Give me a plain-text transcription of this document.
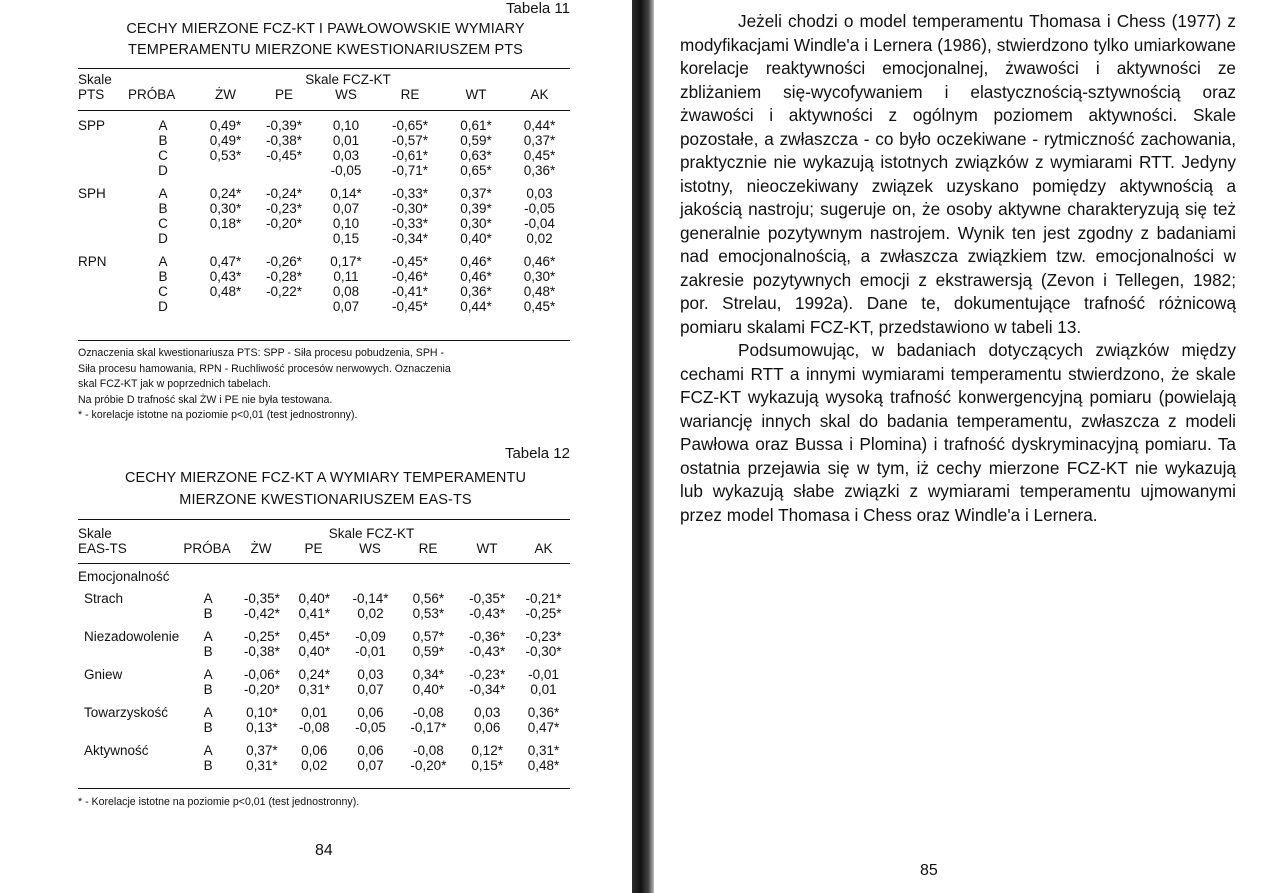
Tabela 11
CECHY MIERZONE FCZ-KT I PAWŁOWOWSKIE WYMIARY
TEMPERAMENTU MIERZONE KWESTIONARIUSZEM PTS
Skale			Skale FCZ-KT				
PTS	PRÓBA	ŻW	PE	WS	RE	WT	AK
SPP	A	0,49*	-0,39*	0,10	-0,65*	0,61*	0,44*
	B	0,49*	-0,38*	0,01	-0,57*	0,59*	0,37*
	C	0,53*	-0,45*	0,03	-0,61*	0,63*	0,45*
	D			-0,05	-0,71*	0,65*	0,36*
SPH	A	0,24*	-0,24*	0,14*	-0,33*	0,37*	0,03
	B	0,30*	-0,23*	0,07	-0,30*	0,39*	-0,05
	C	0,18*	-0,20*	0,10	-0,33*	0,30*	-0,04
	D			0,15	-0,34*	0,40*	0,02
RPN	A	0,47*	-0,26*	0,17*	-0,45*	0,46*	0,46*
	B	0,43*	-0,28*	0,11	-0,46*	0,46*	0,30*
	C	0,48*	-0,22*	0,08	-0,41*	0,36*	0,48*
	D			0,07	-0,45*	0,44*	0,45*
Oznaczenia skal kwestionariusza PTS: SPP - Siła procesu pobudzenia, SPH -
Siła procesu hamowania, RPN - Ruchliwość procesów nerwowych. Oznaczenia
skal FCZ-KT jak w poprzednich tabelach.
Na próbie D trafność skal ŻW i PE nie była testowana.
* - korelacje istotne na poziomie p<0,01 (test jednostronny).
Tabela 12
CECHY MIERZONE FCZ-KT A WYMIARY TEMPERAMENTU
MIERZONE KWESTIONARIUSZEM EAS-TS
Skale			Skale FCZ-KT				
EAS-TS	PRÓBA	ŻW	PE	WS	RE	WT	AK
Emocjonalność							
Strach	A	-0,35*	0,40*	-0,14*	0,56*	-0,35*	-0,21*
	B	-0,42*	0,41*	0,02	0,53*	-0,43*	-0,25*
Niezadowolenie	A	-0,25*	0,45*	-0,09	0,57*	-0,36*	-0,23*
	B	-0,38*	0,40*	-0,01	0,59*	-0,43*	-0,30*
Gniew	A	-0,06*	0,24*	0,03	0,34*	-0,23*	-0,01
	B	-0,20*	0,31*	0,07	0,40*	-0,34*	0,01
Towarzyskość	A	0,10*	0,01	0,06	-0,08	0,03	0,36*
	B	0,13*	-0,08	-0,05	-0,17*	0,06	0,47*
Aktywność	A	0,37*	0,06	0,06	-0,08	0,12*	0,31*
	B	0,31*	0,02	0,07	-0,20*	0,15*	0,48*
* - Korelacje istotne na poziomie p<0,01 (test jednostronny).
84

Jeżeli chodzi o model temperamentu Thomasa i Chess (1977) z modyfikacjami Windle'a i Lernera (1986), stwierdzono tylko umiarkowane korelacje reaktywności emocjonalnej, żwawości i aktywności ze zbliżaniem się-wycofywaniem i elastycznością-sztywnością oraz żwawości i aktywności z ogólnym poziomem aktywności. Skale pozostałe, a zwłaszcza - co było oczekiwane - rytmiczność zachowania, praktycznie nie wykazują istotnych związków z wymiarami RTT. Jedyny istotny, nieoczekiwany związek uzyskano pomiędzy aktywnością a jakością nastroju; sugeruje on, że osoby aktywne charakteryzują się też generalnie pozytywnym nastrojem. Wynik ten jest zgodny z badaniami nad emocjonalnością, a zwłaszcza związkiem tzw. emocjonalności w zakresie pozytywnych emocji z ekstrawersją (Zevon i Tellegen, 1982; por. Strelau, 1992a). Dane te, dokumentujące trafność różnicową pomiaru skalami FCZ-KT, przedstawiono w tabeli 13.

Podsumowując, w badaniach dotyczących związków między cechami RTT a innymi wymiarami temperamentu stwierdzono, że skale FCZ-KT wykazują wysoką trafność konwergencyjną pomiaru (powielają wariancję innych skal do badania temperamentu, zwłaszcza z modeli Pawłowa oraz Bussa i Plomina) i trafność dyskryminacyjną pomiaru. Ta ostatnia przejawia się w tym, iż cechy mierzone FCZ-KT nie wykazują lub wykazują słabe związki z wymiarami temperamentu ujmowanymi przez model Thomasa i Chess oraz Windle'a i Lernera.

85
